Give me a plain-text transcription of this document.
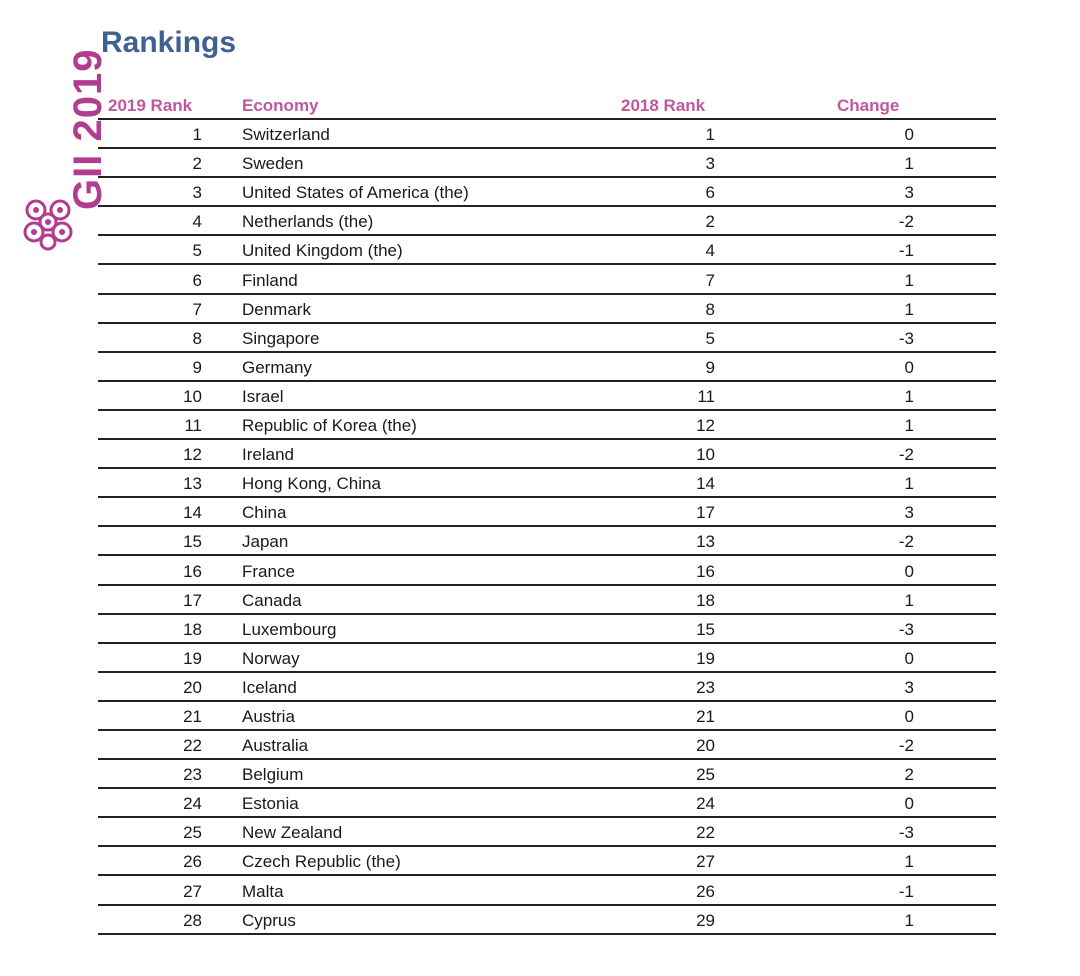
GII 2019
Rankings
2019 Rank	Economy	2018 Rank	Change
1 Switzerland	1	0
2 Sweden	3	1
3 United States of America (the)	6	3
4 Netherlands (the)	2	-2
5 United Kingdom (the)	4	-1
6 Finland	7	1
7 Denmark	8	1
8 Singapore	5	-3
9 Germany	9	0
10 Israel	11	1
11 Republic of Korea (the)	12	1
12 Ireland	10	-2
13 Hong Kong, China	14	1
14 China	17	3
15 Japan	13	-2
16 France	16	0
17 Canada	18	1
18 Luxembourg	15	-3
19 Norway	19	0
20 Iceland	23	3
21 Austria	21	0
22 Australia	20	-2
23 Belgium	25	2
24 Estonia	24	0
25 New Zealand	22	-3
26 Czech Republic (the)	27	1
27 Malta	26	-1
28 Cyprus	29	1
